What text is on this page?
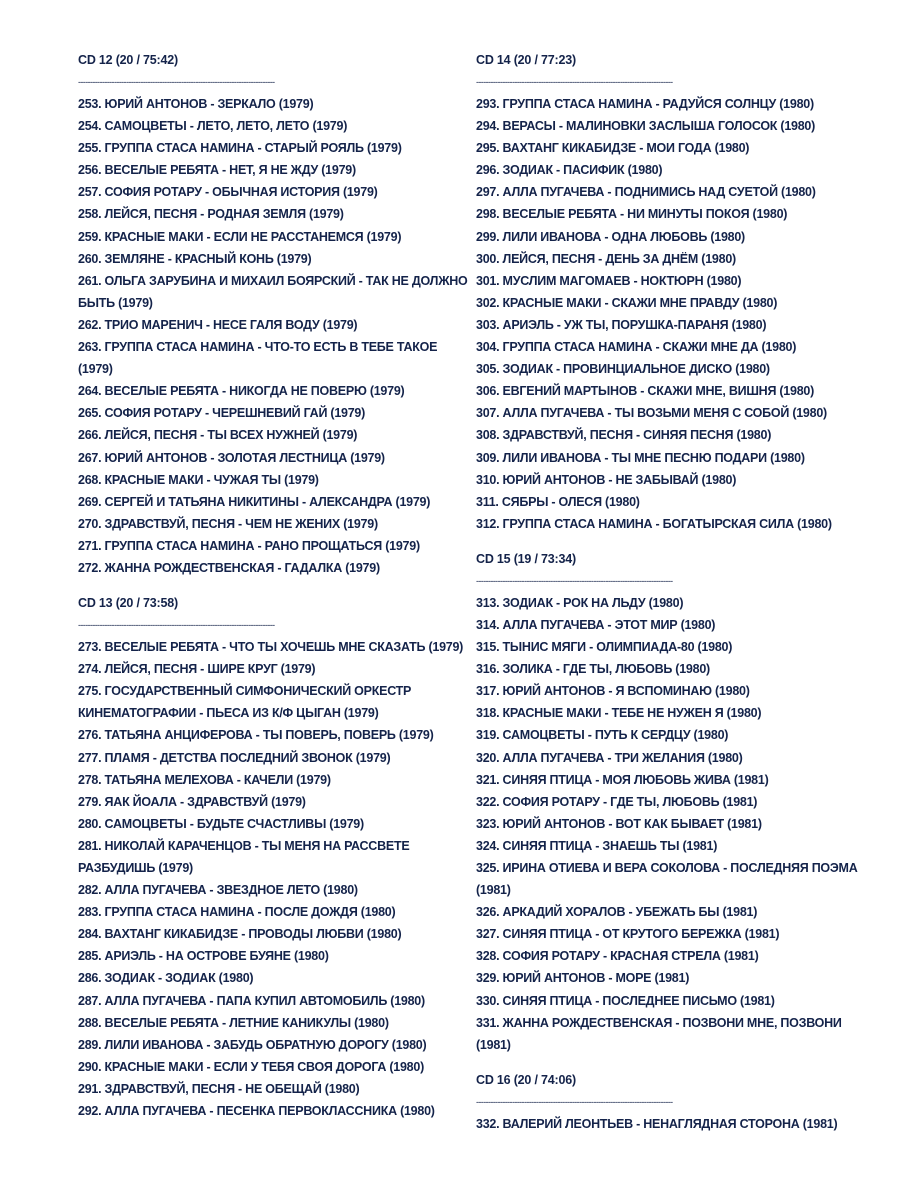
CD 12 (20 / 75:42)
----------------------------------------------------------------------------------
253. ЮРИЙ АНТОНОВ - ЗЕРКАЛО (1979)
254. САМОЦВЕТЫ - ЛЕТО, ЛЕТО, ЛЕТО (1979)
255. ГРУППА СТАСА НАМИНА - СТАРЫЙ РОЯЛЬ (1979)
256. ВЕСЕЛЫЕ РЕБЯТА - НЕТ, Я НЕ ЖДУ (1979)
257. СОФИЯ РОТАРУ - ОБЫЧНАЯ ИСТОРИЯ (1979)
258. ЛЕЙСЯ, ПЕСНЯ - РОДНАЯ ЗЕМЛЯ (1979)
259. КРАСНЫЕ МАКИ - ЕСЛИ НЕ РАССТАНЕМСЯ (1979)
260. ЗЕМЛЯНЕ - КРАСНЫЙ КОНЬ (1979)
261. ОЛЬГА ЗАРУБИНА И МИХАИЛ БОЯРСКИЙ - ТАК НЕ ДОЛЖНО БЫТЬ (1979)
262. ТРИО МАРЕНИЧ - НЕСЕ ГАЛЯ ВОДУ (1979)
263. ГРУППА СТАСА НАМИНА - ЧТО-ТО ЕСТЬ В ТЕБЕ ТАКОЕ (1979)
264. ВЕСЕЛЫЕ РЕБЯТА - НИКОГДА НЕ ПОВЕРЮ (1979)
265. СОФИЯ РОТАРУ - ЧЕРЕШНЕВИЙ ГАЙ (1979)
266. ЛЕЙСЯ, ПЕСНЯ - ТЫ ВСЕХ НУЖНЕЙ (1979)
267. ЮРИЙ АНТОНОВ - ЗОЛОТАЯ ЛЕСТНИЦА (1979)
268. КРАСНЫЕ МАКИ - ЧУЖАЯ ТЫ (1979)
269. СЕРГЕЙ И ТАТЬЯНА НИКИТИНЫ - АЛЕКСАНДРА (1979)
270. ЗДРАВСТВУЙ, ПЕСНЯ - ЧЕМ НЕ ЖЕНИХ (1979)
271. ГРУППА СТАСА НАМИНА - РАНО ПРОЩАТЬСЯ (1979)
272. ЖАННА РОЖДЕСТВЕНСКАЯ - ГАДАЛКА (1979)
CD 13 (20 / 73:58)
----------------------------------------------------------------------------------
273. ВЕСЕЛЫЕ РЕБЯТА - ЧТО ТЫ ХОЧЕШЬ МНЕ СКАЗАТЬ (1979)
274. ЛЕЙСЯ, ПЕСНЯ - ШИРЕ КРУГ (1979)
275. ГОСУДАРСТВЕННЫЙ СИМФОНИЧЕСКИЙ ОРКЕСТР КИНЕМАТОГРАФИИ - ПЬЕСА ИЗ К/Ф ЦЫГАН (1979)
276. ТАТЬЯНА АНЦИФЕРОВА - ТЫ ПОВЕРЬ, ПОВЕРЬ (1979)
277. ПЛАМЯ - ДЕТСТВА ПОСЛЕДНИЙ ЗВОНОК (1979)
278. ТАТЬЯНА МЕЛЕХОВА - КАЧЕЛИ (1979)
279. ЯАК ЙОАЛА - ЗДРАВСТВУЙ (1979)
280. САМОЦВЕТЫ - БУДЬТЕ СЧАСТЛИВЫ (1979)
281. НИКОЛАЙ КАРАЧЕНЦОВ - ТЫ МЕНЯ НА РАССВЕТЕ РАЗБУДИШЬ (1979)
282. АЛЛА ПУГАЧЕВА - ЗВЕЗДНОЕ ЛЕТО (1980)
283. ГРУППА СТАСА НАМИНА - ПОСЛЕ ДОЖДЯ (1980)
284. ВАХТАНГ КИКАБИДЗЕ - ПРОВОДЫ ЛЮБВИ (1980)
285. АРИЭЛЬ - НА ОСТРОВЕ БУЯНЕ (1980)
286. ЗОДИАК - ЗОДИАК (1980)
287. АЛЛА ПУГАЧЕВА - ПАПА КУПИЛ АВТОМОБИЛЬ (1980)
288. ВЕСЕЛЫЕ РЕБЯТА - ЛЕТНИЕ КАНИКУЛЫ (1980)
289. ЛИЛИ ИВАНОВА - ЗАБУДЬ ОБРАТНУЮ ДОРОГУ (1980)
290. КРАСНЫЕ МАКИ - ЕСЛИ У ТЕБЯ СВОЯ ДОРОГА (1980)
291. ЗДРАВСТВУЙ, ПЕСНЯ - НЕ ОБЕЩАЙ (1980)
292. АЛЛА ПУГАЧЕВА - ПЕСЕНКА ПЕРВОКЛАССНИКА (1980)
CD 14 (20 / 77:23)
----------------------------------------------------------------------------------
293. ГРУППА СТАСА НАМИНА - РАДУЙСЯ СОЛНЦУ (1980)
294. ВЕРАСЫ - МАЛИНОВКИ ЗАСЛЫША ГОЛОСОК (1980)
295. ВАХТАНГ КИКАБИДЗЕ - МОИ ГОДА (1980)
296. ЗОДИАК - ПАСИФИК (1980)
297. АЛЛА ПУГАЧЕВА - ПОДНИМИСЬ НАД СУЕТОЙ (1980)
298. ВЕСЕЛЫЕ РЕБЯТА - НИ МИНУТЫ ПОКОЯ (1980)
299. ЛИЛИ ИВАНОВА - ОДНА ЛЮБОВЬ (1980)
300. ЛЕЙСЯ, ПЕСНЯ - ДЕНЬ ЗА ДНЁМ (1980)
301. МУСЛИМ МАГОМАЕВ - НОКТЮРН (1980)
302. КРАСНЫЕ МАКИ - СКАЖИ МНЕ ПРАВДУ (1980)
303. АРИЭЛЬ - УЖ ТЫ, ПОРУШКА-ПАРАНЯ (1980)
304. ГРУППА СТАСА НАМИНА - СКАЖИ МНЕ ДА (1980)
305. ЗОДИАК - ПРОВИНЦИАЛЬНОЕ ДИСКО (1980)
306. ЕВГЕНИЙ МАРТЫНОВ - СКАЖИ МНЕ, ВИШНЯ (1980)
307. АЛЛА ПУГАЧЕВА - ТЫ ВОЗЬМИ МЕНЯ С СОБОЙ (1980)
308. ЗДРАВСТВУЙ, ПЕСНЯ - СИНЯЯ ПЕСНЯ (1980)
309. ЛИЛИ ИВАНОВА - ТЫ МНЕ ПЕСНЮ ПОДАРИ (1980)
310. ЮРИЙ АНТОНОВ - НЕ ЗАБЫВАЙ (1980)
311. СЯБРЫ - ОЛЕСЯ (1980)
312. ГРУППА СТАСА НАМИНА - БОГАТЫРСКАЯ СИЛА (1980)
CD 15 (19 / 73:34)
----------------------------------------------------------------------------------
313. ЗОДИАК - РОК НА ЛЬДУ (1980)
314. АЛЛА ПУГАЧЕВА - ЭТОТ МИР (1980)
315. ТЫНИС МЯГИ - ОЛИМПИАДА-80 (1980)
316. ЗОЛИКА - ГДЕ ТЫ, ЛЮБОВЬ (1980)
317. ЮРИЙ АНТОНОВ - Я ВСПОМИНАЮ (1980)
318. КРАСНЫЕ МАКИ - ТЕБЕ НЕ НУЖЕН Я (1980)
319. САМОЦВЕТЫ - ПУТЬ К СЕРДЦУ (1980)
320. АЛЛА ПУГАЧЕВА - ТРИ ЖЕЛАНИЯ (1980)
321. СИНЯЯ ПТИЦА - МОЯ ЛЮБОВЬ ЖИВА (1981)
322. СОФИЯ РОТАРУ - ГДЕ ТЫ, ЛЮБОВЬ (1981)
323. ЮРИЙ АНТОНОВ - ВОТ КАК БЫВАЕТ (1981)
324. СИНЯЯ ПТИЦА - ЗНАЕШЬ ТЫ (1981)
325. ИРИНА ОТИЕВА И ВЕРА СОКОЛОВА - ПОСЛЕДНЯЯ ПОЭМА (1981)
326. АРКАДИЙ ХОРАЛОВ - УБЕЖАТЬ БЫ (1981)
327. СИНЯЯ ПТИЦА - ОТ КРУТОГО БЕРЕЖКА (1981)
328. СОФИЯ РОТАРУ - КРАСНАЯ СТРЕЛА (1981)
329. ЮРИЙ АНТОНОВ - МОРЕ (1981)
330. СИНЯЯ ПТИЦА - ПОСЛЕДНЕЕ ПИСЬМО (1981)
331. ЖАННА РОЖДЕСТВЕНСКАЯ - ПОЗВОНИ МНЕ, ПОЗВОНИ (1981)
CD 16 (20 / 74:06)
----------------------------------------------------------------------------------
332. ВАЛЕРИЙ ЛЕОНТЬЕВ - НЕНАГЛЯДНАЯ СТОРОНА (1981)
